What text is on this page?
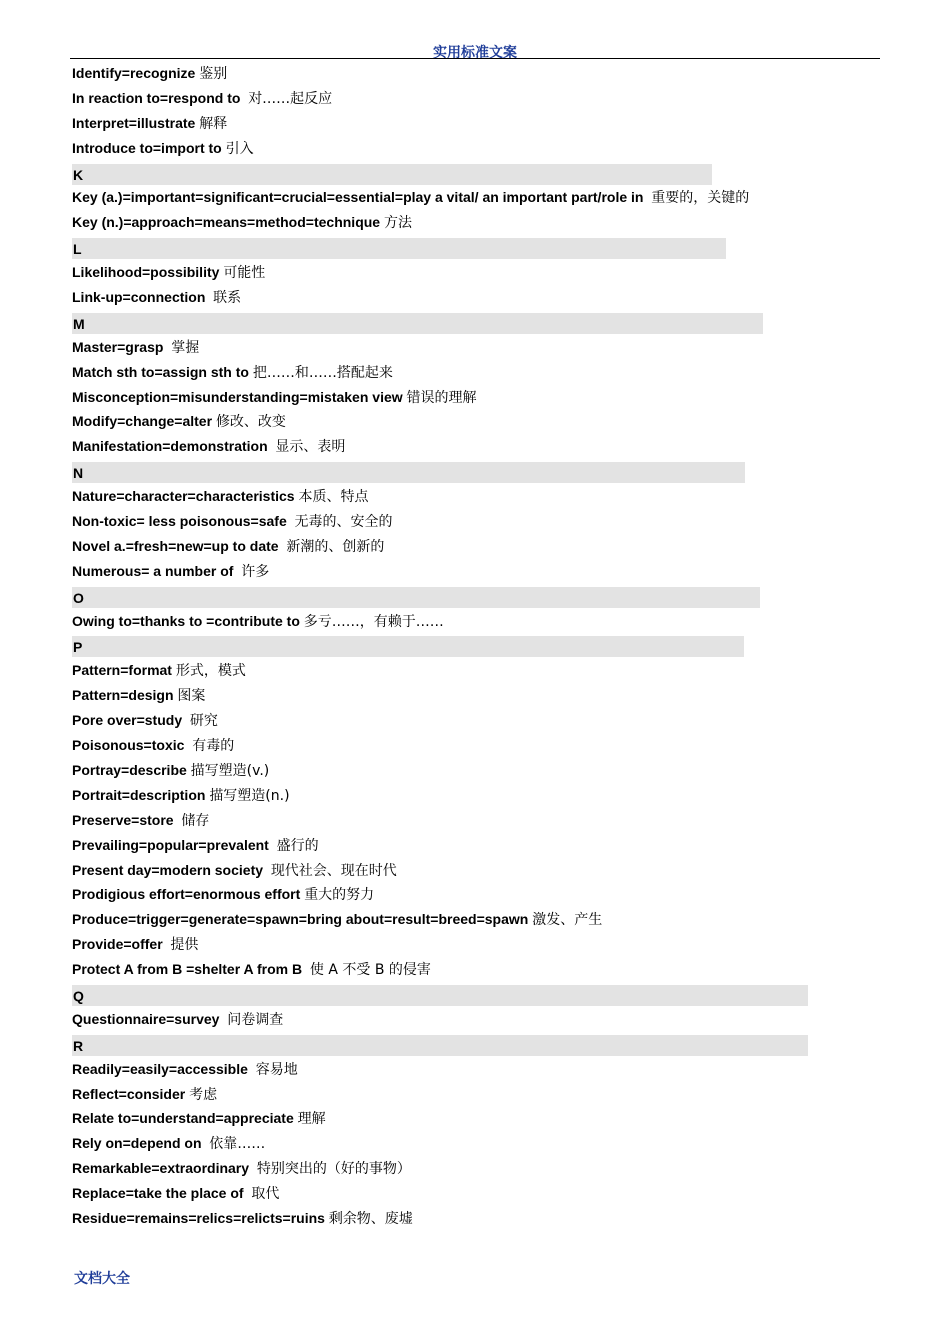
实用标准文案
Identify=recognize 鉴别
In reaction to=respond to  对……起反应
Interpret=illustrate 解释
Introduce to=import to 引入
K
Key (a.)=important=significant=crucial=essential=play a vital/ an important part/role in  重要的，关键的
Key (n.)=approach=means=method=technique 方法
L
Likelihood=possibility 可能性
Link-up=connection  联系
M
Master=grasp  掌握
Match sth to=assign sth to 把……和……搭配起来
Misconception=misunderstanding=mistaken view 错误的理解
Modify=change=alter 修改、改变
Manifestation=demonstration  显示、表明
N
Nature=character=characteristics 本质、特点
Non-toxic= less poisonous=safe  无毒的、安全的
Novel a.=fresh=new=up to date  新潮的、创新的
Numerous= a number of  许多
O
Owing to=thanks to =contribute to 多亏……，有赖于……
P
Pattern=format 形式，模式
Pattern=design 图案
Pore over=study  研究
Poisonous=toxic  有毒的
Portray=describe 描写塑造(v.)
Portrait=description 描写塑造(n.)
Preserve=store  储存
Prevailing=popular=prevalent  盛行的
Present day=modern society  现代社会、现在时代
Prodigious effort=enormous effort 重大的努力
Produce=trigger=generate=spawn=bring about=result=breed=spawn 激发、产生
Provide=offer  提供
Protect A from B =shelter A from B  使 A 不受 B 的侵害
Q
Questionnaire=survey  问卷调查
R
Readily=easily=accessible  容易地
Reflect=consider 考虑
Relate to=understand=appreciate 理解
Rely on=depend on  依靠……
Remarkable=extraordinary  特别突出的（好的事物）
Replace=take the place of  取代
Residue=remains=relics=relicts=ruins 剩余物、废墟
文档大全
